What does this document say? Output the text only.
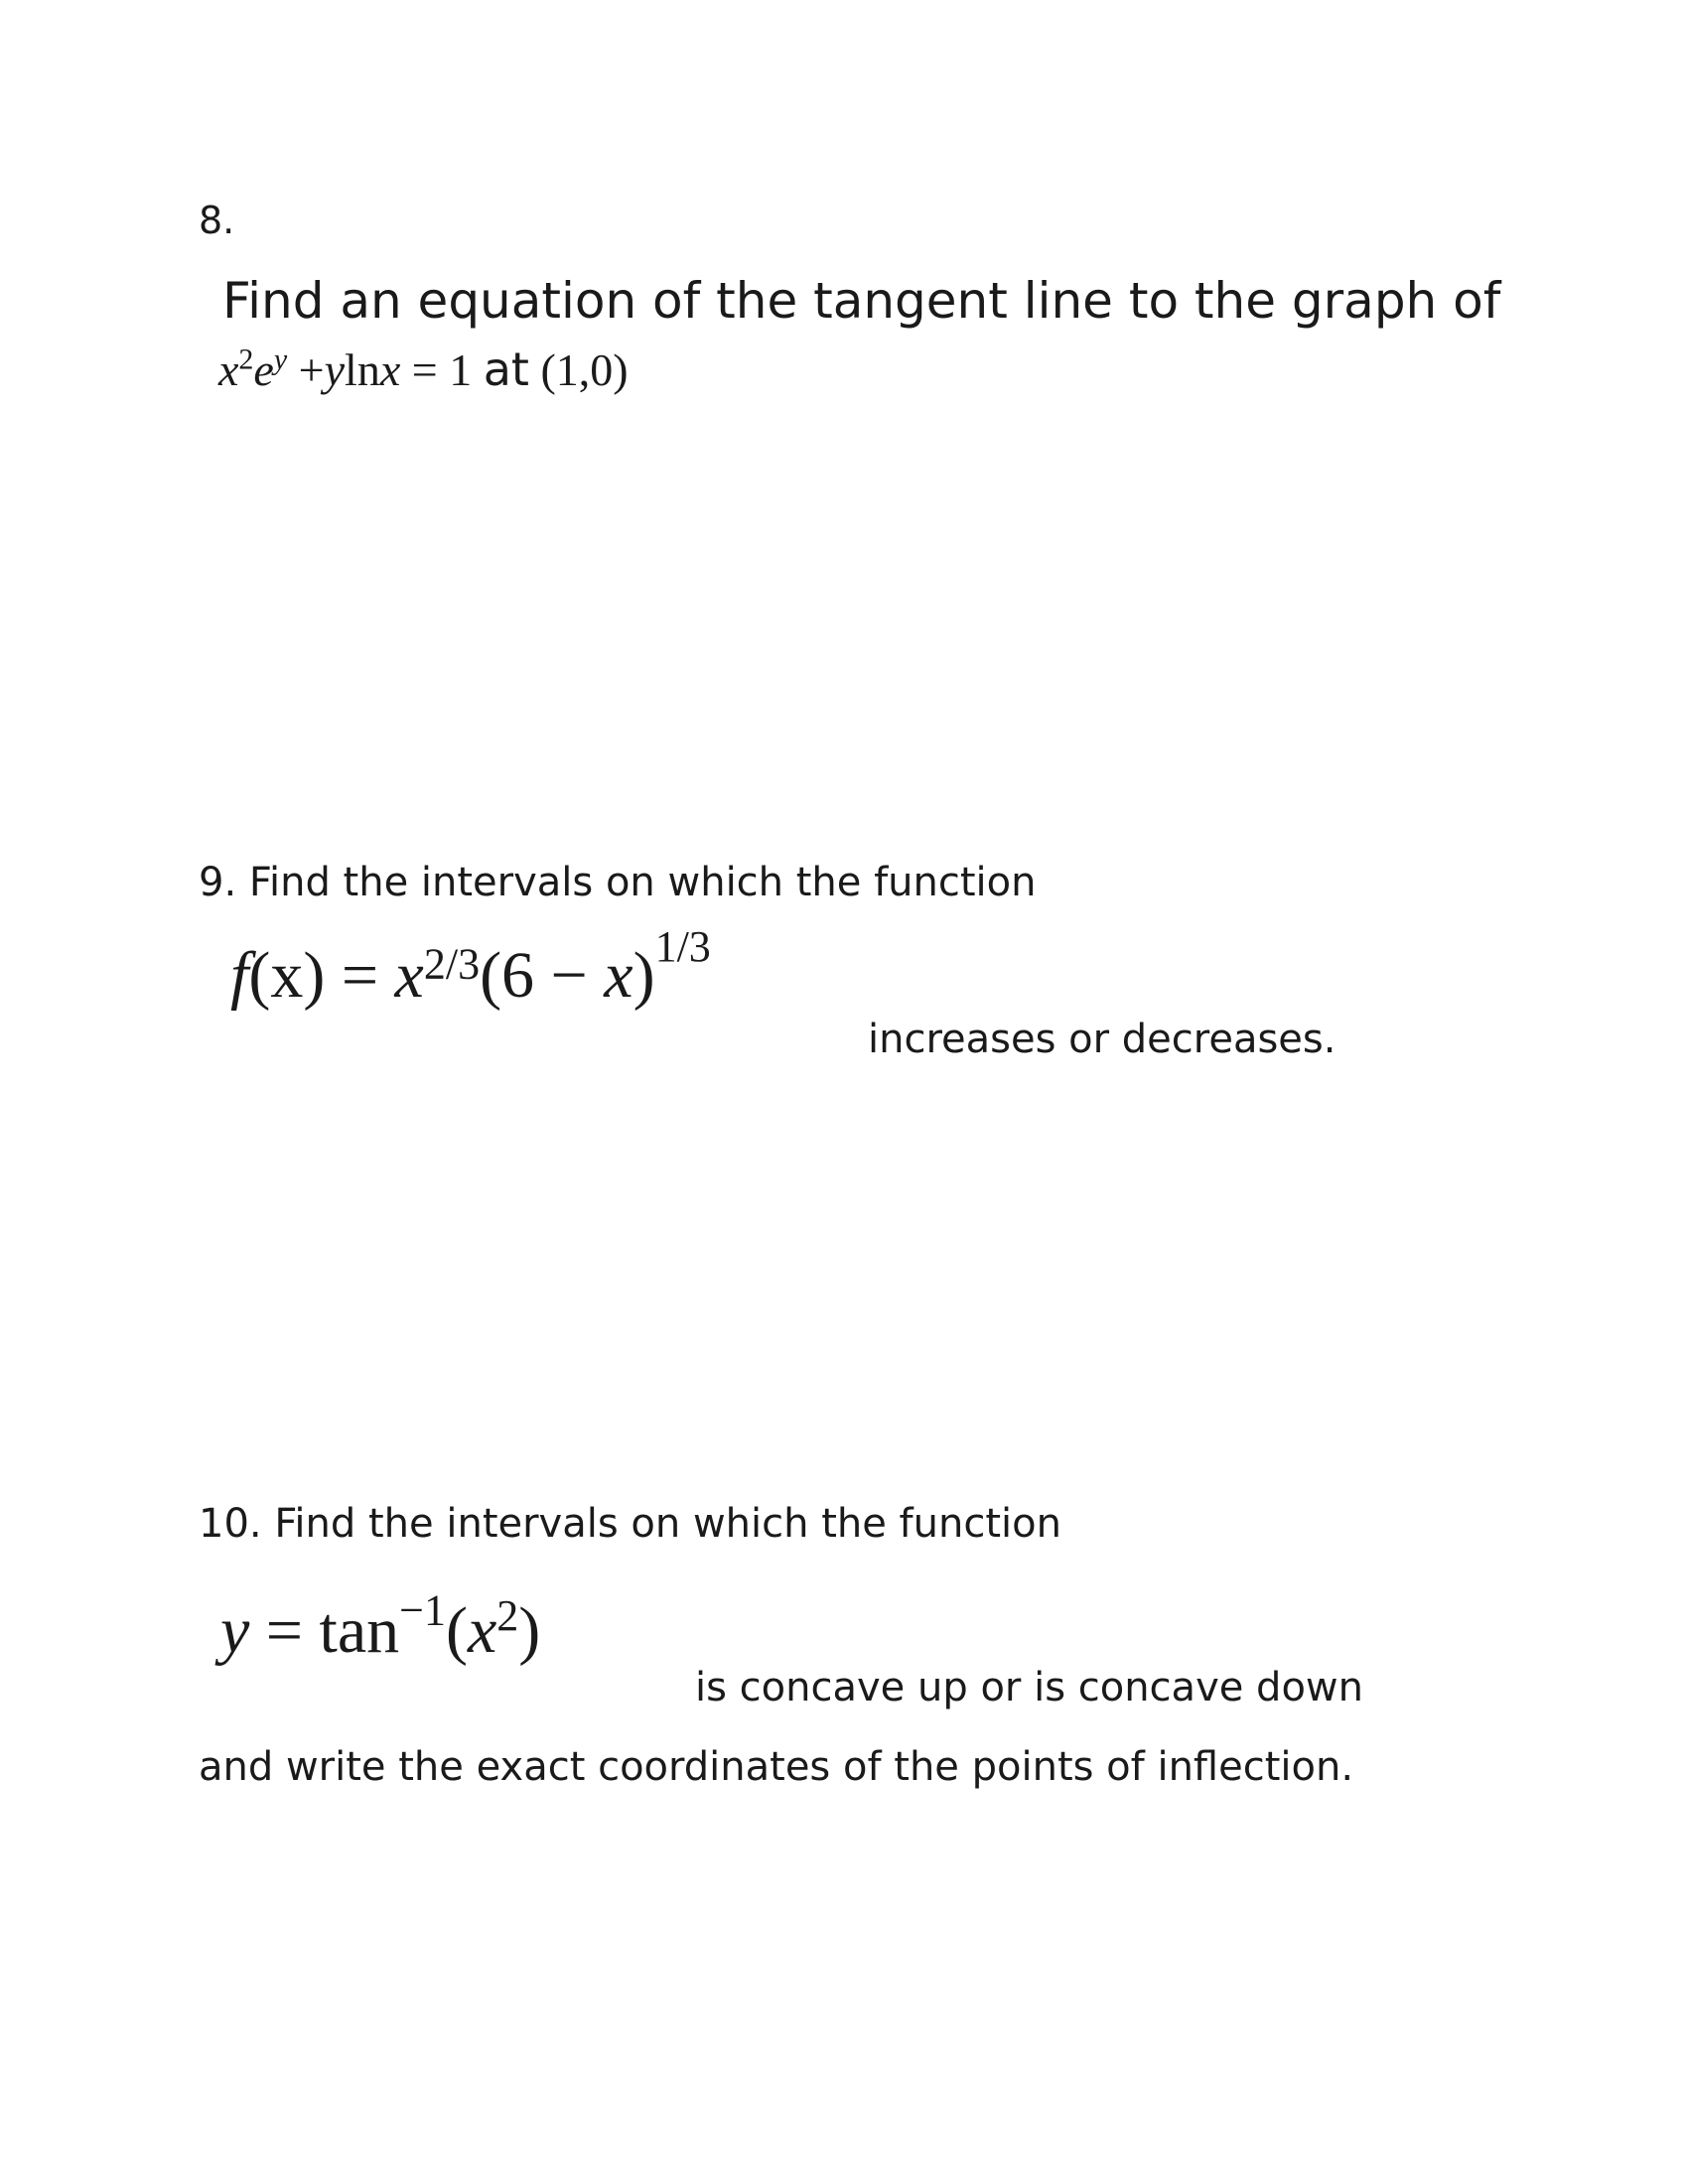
8.
Find an equation of the tangent line to the graph of
$x^2e^y +ylnx = 1$ at (1,0)
9. Find the intervals on which the function
$f(x) = x^{2/3}(6 - x)^{1/3}$
increases or decreases.
10. Find the intervals on which the function
$y = \tan^{-1}(x^2)$
is concave up or is concave down
and write the exact coordinates of the points of inflection.
